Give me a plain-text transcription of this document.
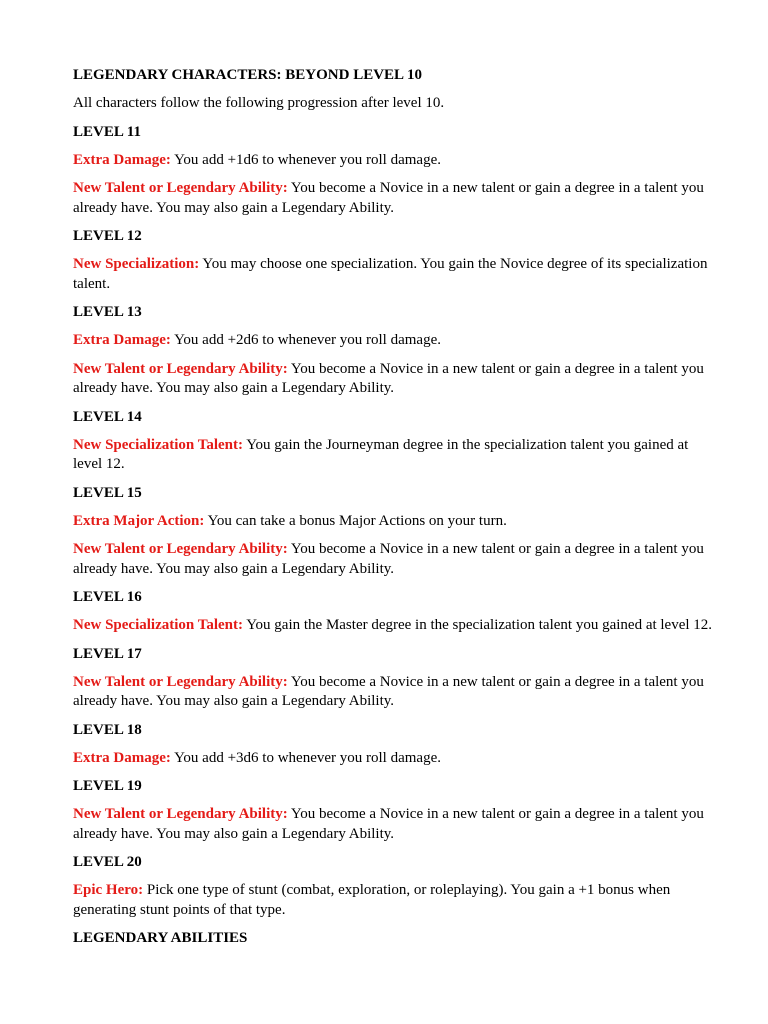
LEGENDARY CHARACTERS: BEYOND LEVEL 10
All characters follow the following progression after level 10.
LEVEL 11
Extra Damage: You add +1d6 to whenever you roll damage.
New Talent or Legendary Ability: You become a Novice in a new talent or gain a degree in a talent you already have. You may also gain a Legendary Ability.
LEVEL 12
New Specialization: You may choose one specialization. You gain the Novice degree of its specialization talent.
LEVEL 13
Extra Damage: You add +2d6 to whenever you roll damage.
New Talent or Legendary Ability: You become a Novice in a new talent or gain a degree in a talent you already have. You may also gain a Legendary Ability.
LEVEL 14
New Specialization Talent: You gain the Journeyman degree in the specialization talent you gained at level 12.
LEVEL 15
Extra Major Action: You can take a bonus Major Actions on your turn.
New Talent or Legendary Ability: You become a Novice in a new talent or gain a degree in a talent you already have. You may also gain a Legendary Ability.
LEVEL 16
New Specialization Talent: You gain the Master degree in the specialization talent you gained at level 12.
LEVEL 17
New Talent or Legendary Ability: You become a Novice in a new talent or gain a degree in a talent you already have. You may also gain a Legendary Ability.
LEVEL 18
Extra Damage: You add +3d6 to whenever you roll damage.
LEVEL 19
New Talent or Legendary Ability: You become a Novice in a new talent or gain a degree in a talent you already have. You may also gain a Legendary Ability.
LEVEL 20
Epic Hero: Pick one type of stunt (combat, exploration, or roleplaying). You gain a +1 bonus when generating stunt points of that type.
LEGENDARY ABILITIES
